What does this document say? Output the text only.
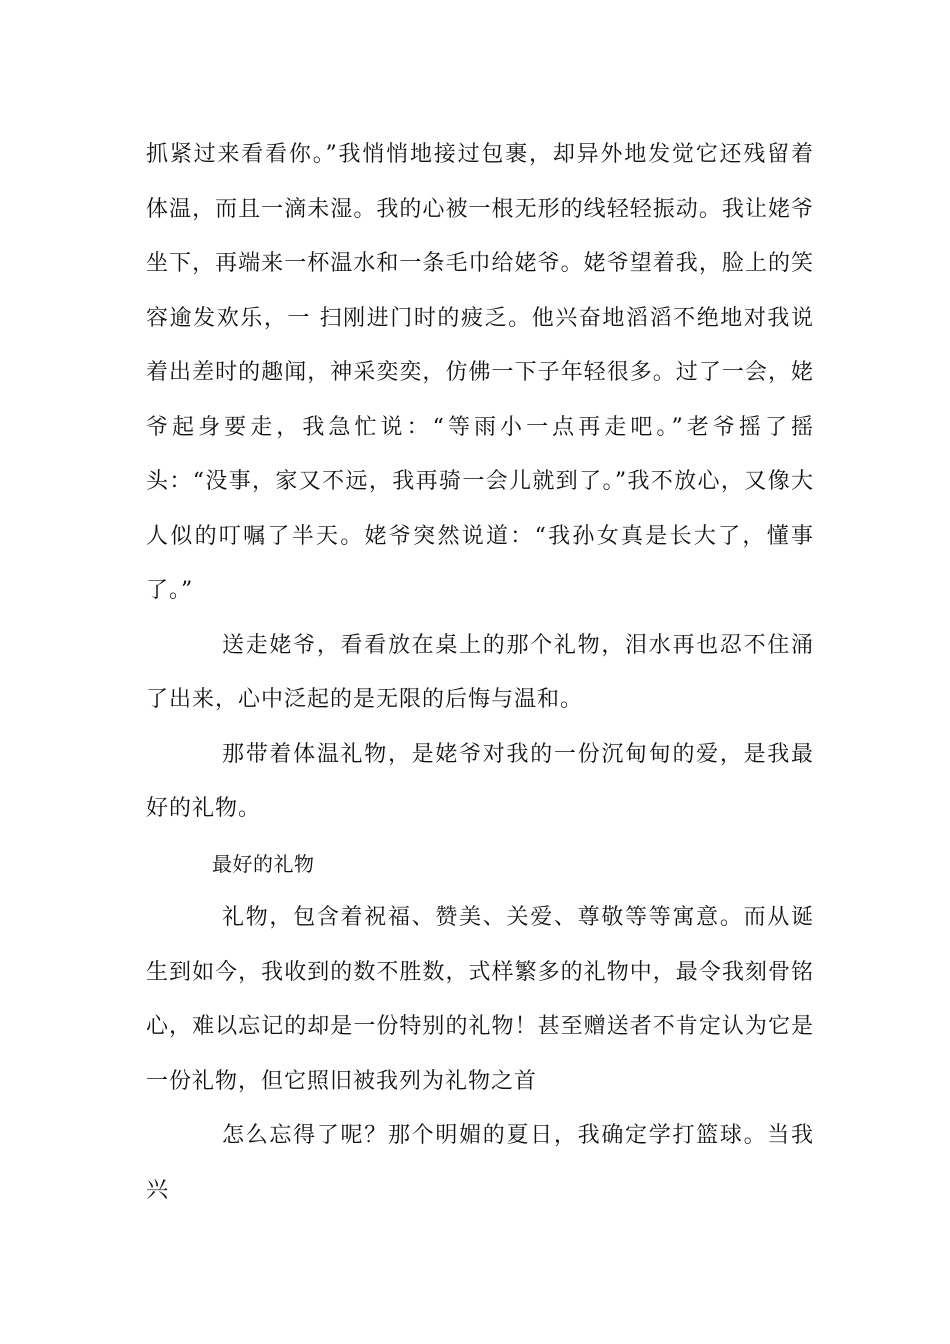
抓紧过来看看你。”我悄悄地接过包裹，却异外地发觉它还残留着体温，而且一滴未湿。我的心被一根无形的线轻轻振动。我让姥爷坐下，再端来一杯温水和一条毛巾给姥爷。姥爷望着我，脸上的笑容逾发欢乐，一 扫刚进门时的疲乏。他兴奋地滔滔不绝地对我说着出差时的趣闻，神采奕奕，仿佛一下子年轻很多。过了一会，姥爷起身要走，我急忙说：“等雨小一点再走吧。”老爷摇了摇头：“没事，家又不远，我再骑一会儿就到了。”我不放心，又像大人似的叮嘱了半天。姥爷突然说道：“我孙女真是长大了，懂事了。”

送走姥爷，看看放在桌上的那个礼物，泪水再也忍不住涌了出来，心中泛起的是无限的后悔与温和。

那带着体温礼物，是姥爷对我的一份沉甸甸的爱，是我最好的礼物。

最好的礼物

礼物，包含着祝福、赞美、关爱、尊敬等等寓意。而从诞生到如今，我收到的数不胜数，式样繁多的礼物中，最令我刻骨铭心，难以忘记的却是一份特别的礼物！甚至赠送者不肯定认为它是一份礼物，但它照旧被我列为礼物之首

怎么忘得了呢？那个明媚的夏日，我确定学打篮球。当我兴
